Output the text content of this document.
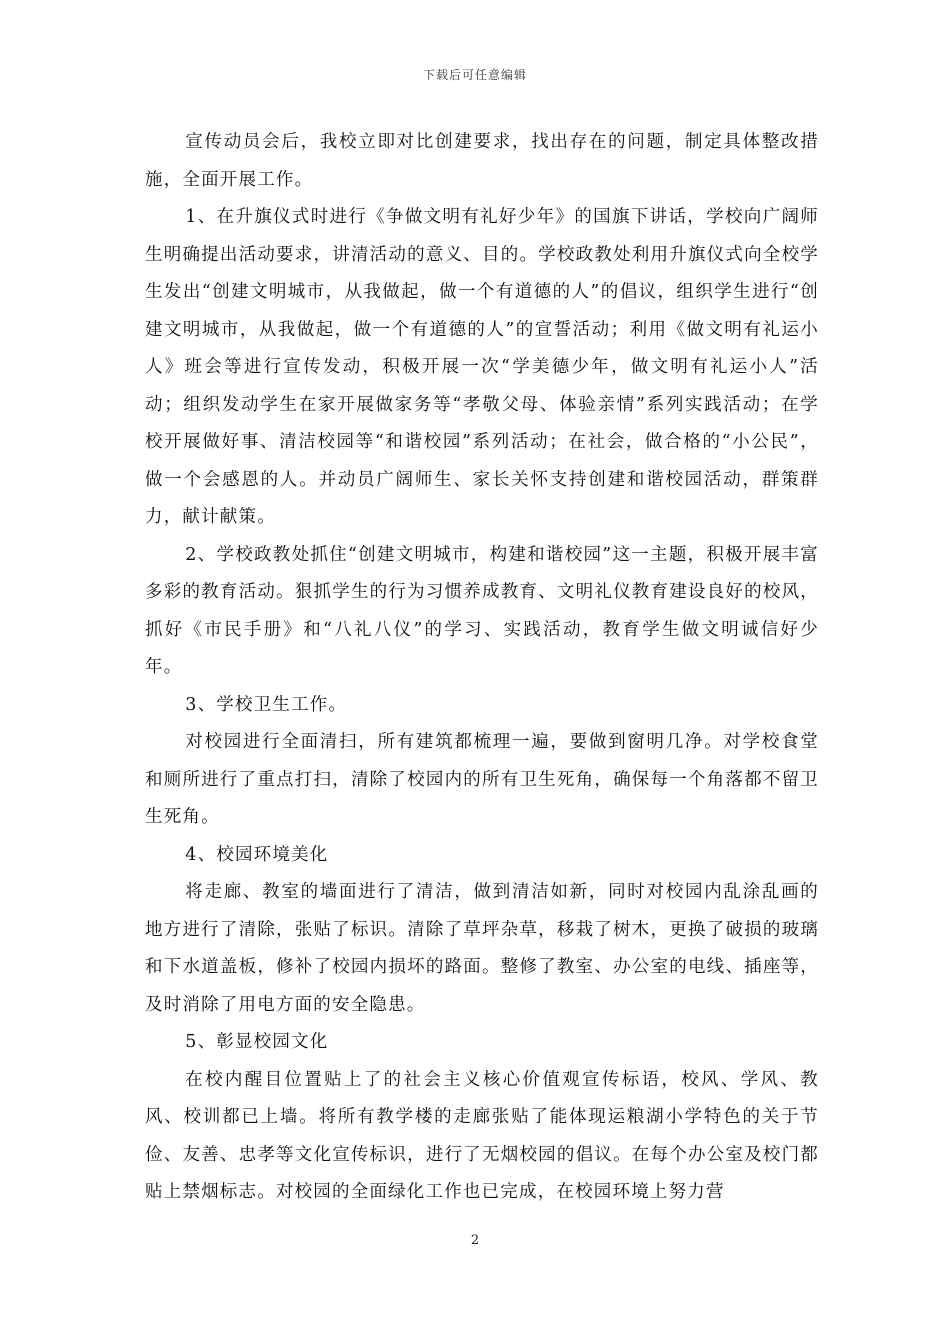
下载后可任意编辑

宣传动员会后，我校立即对比创建要求，找出存在的问题，制定具体整改措施，全面开展工作。

1、在升旗仪式时进行《争做文明有礼好少年》的国旗下讲话，学校向广阔师生明确提出活动要求，讲清活动的意义、目的。学校政教处利用升旗仪式向全校学生发出“创建文明城市，从我做起，做一个有道德的人”的倡议，组织学生进行“创建文明城市，从我做起，做一个有道德的人”的宣誓活动；利用《做文明有礼运小人》班会等进行宣传发动，积极开展一次“学美德少年，做文明有礼运小人”活动；组织发动学生在家开展做家务等“孝敬父母、体验亲情”系列实践活动；在学校开展做好事、清洁校园等“和谐校园”系列活动；在社会，做合格的“小公民”，做一个会感恩的人。并动员广阔师生、家长关怀支持创建和谐校园活动，群策群力，献计献策。

2、学校政教处抓住“创建文明城市，构建和谐校园”这一主题，积极开展丰富多彩的教育活动。狠抓学生的行为习惯养成教育、文明礼仪教育建设良好的校风，抓好《市民手册》和“八礼八仪”的学习、实践活动，教育学生做文明诚信好少年。

3、学校卫生工作。

对校园进行全面清扫，所有建筑都梳理一遍，要做到窗明几净。对学校食堂和厕所进行了重点打扫，清除了校园内的所有卫生死角，确保每一个角落都不留卫生死角。

4、校园环境美化

将走廊、教室的墙面进行了清洁，做到清洁如新，同时对校园内乱涂乱画的地方进行了清除，张贴了标识。清除了草坪杂草，移栽了树木，更换了破损的玻璃和下水道盖板，修补了校园内损坏的路面。整修了教室、办公室的电线、插座等，及时消除了用电方面的安全隐患。

5、彰显校园文化

在校内醒目位置贴上了的社会主义核心价值观宣传标语，校风、学风、教风、校训都已上墙。将所有教学楼的走廊张贴了能体现运粮湖小学特色的关于节俭、友善、忠孝等文化宣传标识，进行了无烟校园的倡议。在每个办公室及校门都贴上禁烟标志。对校园的全面绿化工作也已完成，在校园环境上努力营

2
